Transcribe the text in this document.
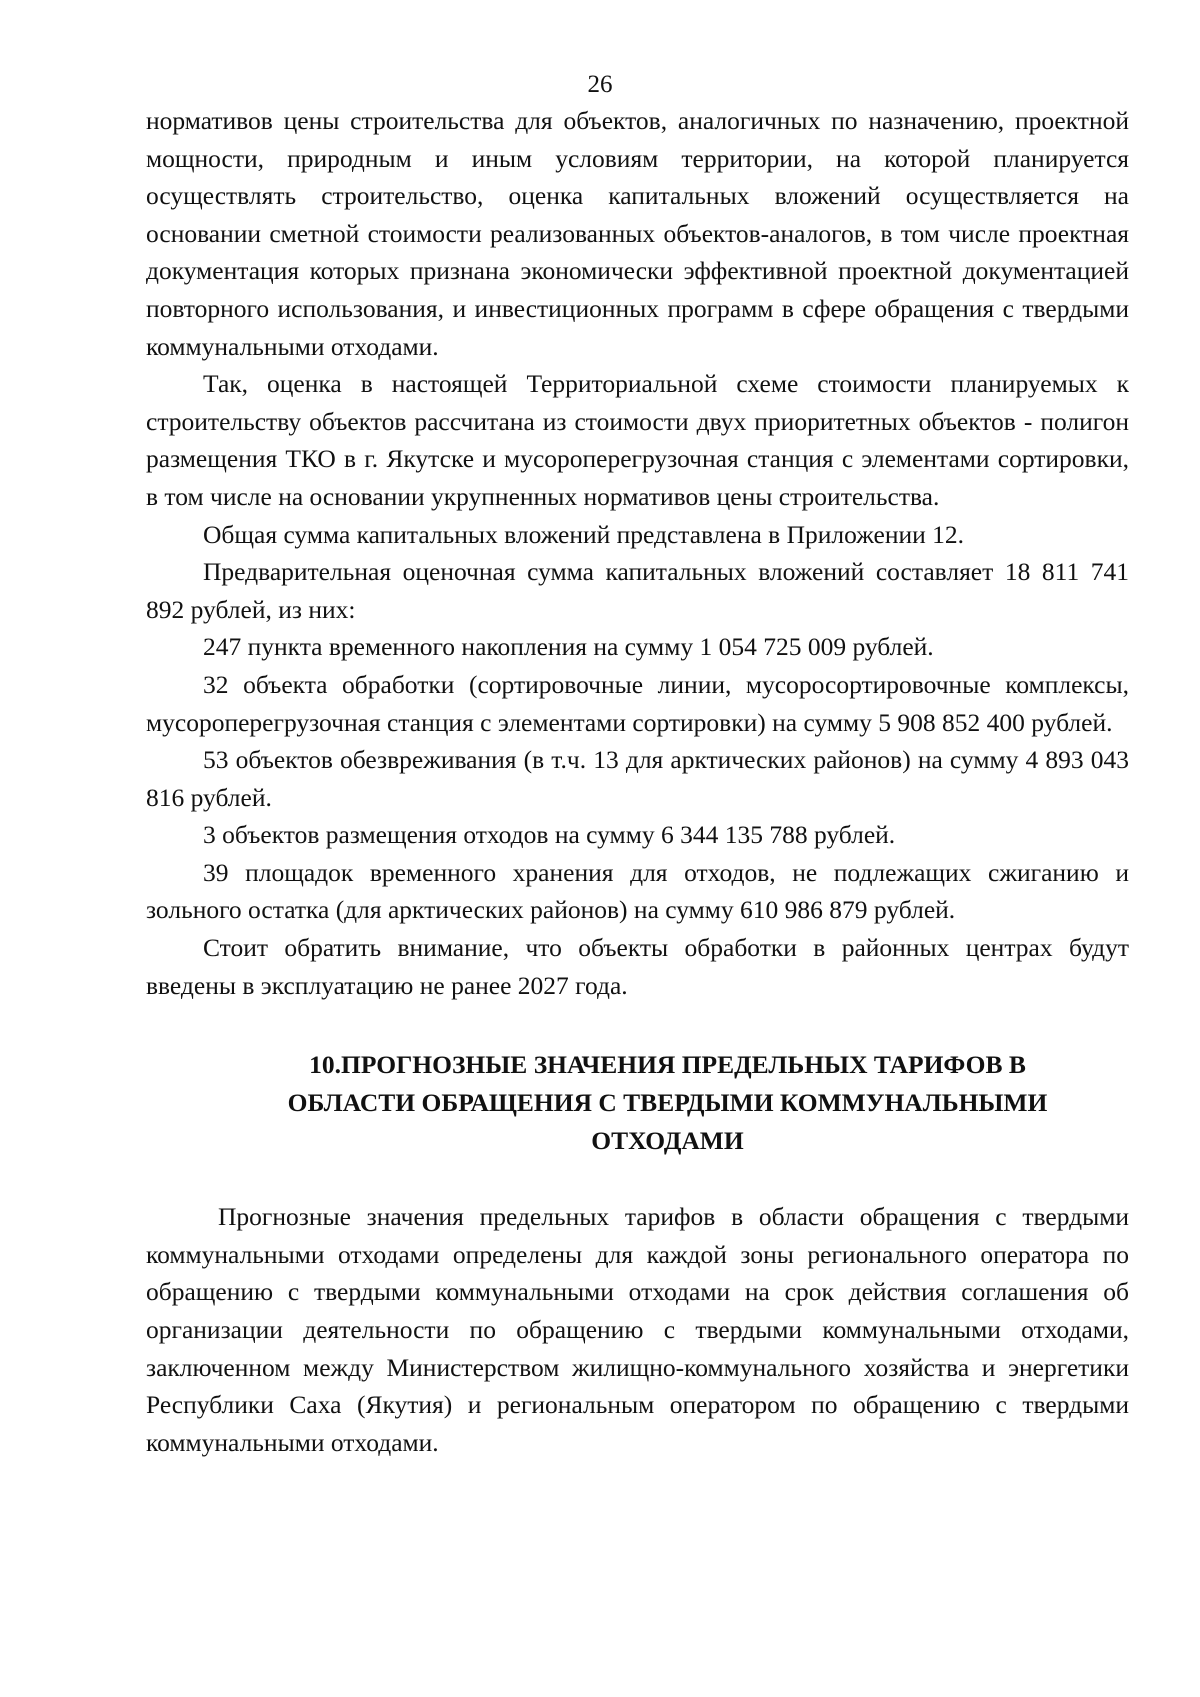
26

нормативов цены строительства для объектов, аналогичных по назначению, проектной мощности, природным и иным условиям территории, на которой планируется осуществлять строительство, оценка капитальных вложений осуществляется на основании сметной стоимости реализованных объектов-аналогов, в том числе проектная документация которых признана экономически эффективной проектной документацией повторного использования, и инвестиционных программ в сфере обращения с твердыми коммунальными отходами.

Так, оценка в настоящей Территориальной схеме стоимости планируемых к строительству объектов рассчитана из стоимости двух приоритетных объектов - полигон размещения ТКО в г. Якутске и мусороперегрузочная станция с элементами сортировки, в том числе на основании укрупненных нормативов цены строительства.

Общая сумма капитальных вложений представлена в Приложении 12.

Предварительная оценочная сумма капитальных вложений составляет 18 811 741 892 рублей, из них:

247 пункта временного накопления на сумму 1 054 725 009 рублей.

32 объекта обработки (сортировочные линии, мусоросортировочные комплексы, мусороперегрузочная станция с элементами сортировки) на сумму 5 908 852 400 рублей.

53 объектов обезвреживания (в т.ч. 13 для арктических районов) на сумму 4 893 043 816 рублей.

3 объектов размещения отходов на сумму 6 344 135 788 рублей.

39 площадок временного хранения для отходов, не подлежащих сжиганию и зольного остатка (для арктических районов) на сумму 610 986 879 рублей.

Стоит обратить внимание, что объекты обработки в районных центрах будут введены в эксплуатацию не ранее 2027 года.

10.ПРОГНОЗНЫЕ ЗНАЧЕНИЯ ПРЕДЕЛЬНЫХ ТАРИФОВ В
ОБЛАСТИ ОБРАЩЕНИЯ С ТВЕРДЫМИ КОММУНАЛЬНЫМИ
ОТХОДАМИ

Прогнозные значения предельных тарифов в области обращения с твердыми коммунальными отходами определены для каждой зоны регионального оператора по обращению с твердыми коммунальными отходами на срок действия соглашения об организации деятельности по обращению с твердыми коммунальными отходами, заключенном между Министерством жилищно-коммунального хозяйства и энергетики Республики Саха (Якутия) и региональным оператором по обращению с твердыми коммунальными отходами.
